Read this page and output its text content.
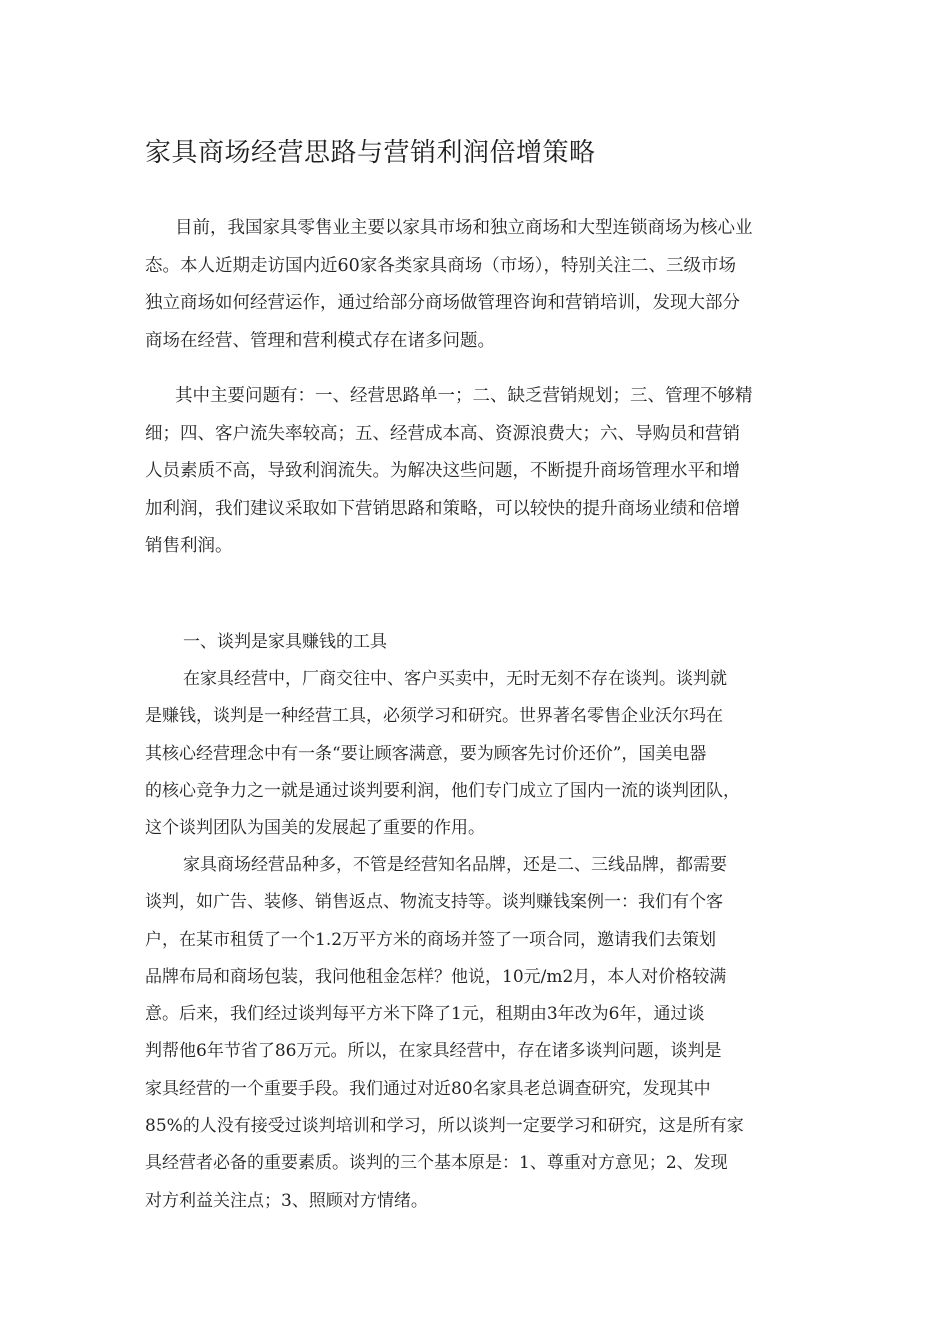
家具商场经营思路与营销利润倍增策略

目前，我国家具零售业主要以家具市场和独立商场和大型连锁商场为核心业
态。本人近期走访国内近60家各类家具商场（市场），特别关注二、三级市场
独立商场如何经营运作，通过给部分商场做管理咨询和营销培训，发现大部分
商场在经营、管理和营利模式存在诸多问题。

其中主要问题有：一、经营思路单一；二、缺乏营销规划；三、管理不够精
细；四、客户流失率较高；五、经营成本高、资源浪费大；六、导购员和营销
人员素质不高，导致利润流失。为解决这些问题，不断提升商场管理水平和增
加利润，我们建议采取如下营销思路和策略，可以较快的提升商场业绩和倍增
销售利润。

一、谈判是家具赚钱的工具

在家具经营中，厂商交往中、客户买卖中，无时无刻不存在谈判。谈判就
是赚钱，谈判是一种经营工具，必须学习和研究。世界著名零售企业沃尔玛在
其核心经营理念中有一条“要让顾客满意，要为顾客先讨价还价”，国美电器
的核心竞争力之一就是通过谈判要利润，他们专门成立了国内一流的谈判团队，
这个谈判团队为国美的发展起了重要的作用。

家具商场经营品种多，不管是经营知名品牌，还是二、三线品牌，都需要
谈判，如广告、装修、销售返点、物流支持等。谈判赚钱案例一：我们有个客
户，在某市租赁了一个1.2万平方米的商场并签了一项合同，邀请我们去策划
品牌布局和商场包装，我问他租金怎样？他说，10元/m2月，本人对价格较满
意。后来，我们经过谈判每平方米下降了1元，租期由3年改为6年，通过谈
判帮他6年节省了86万元。所以，在家具经营中，存在诸多谈判问题，谈判是
家具经营的一个重要手段。我们通过对近80名家具老总调查研究，发现其中
85%的人没有接受过谈判培训和学习，所以谈判一定要学习和研究，这是所有家
具经营者必备的重要素质。谈判的三个基本原是：1、尊重对方意见；2、发现
对方利益关注点；3、照顾对方情绪。
